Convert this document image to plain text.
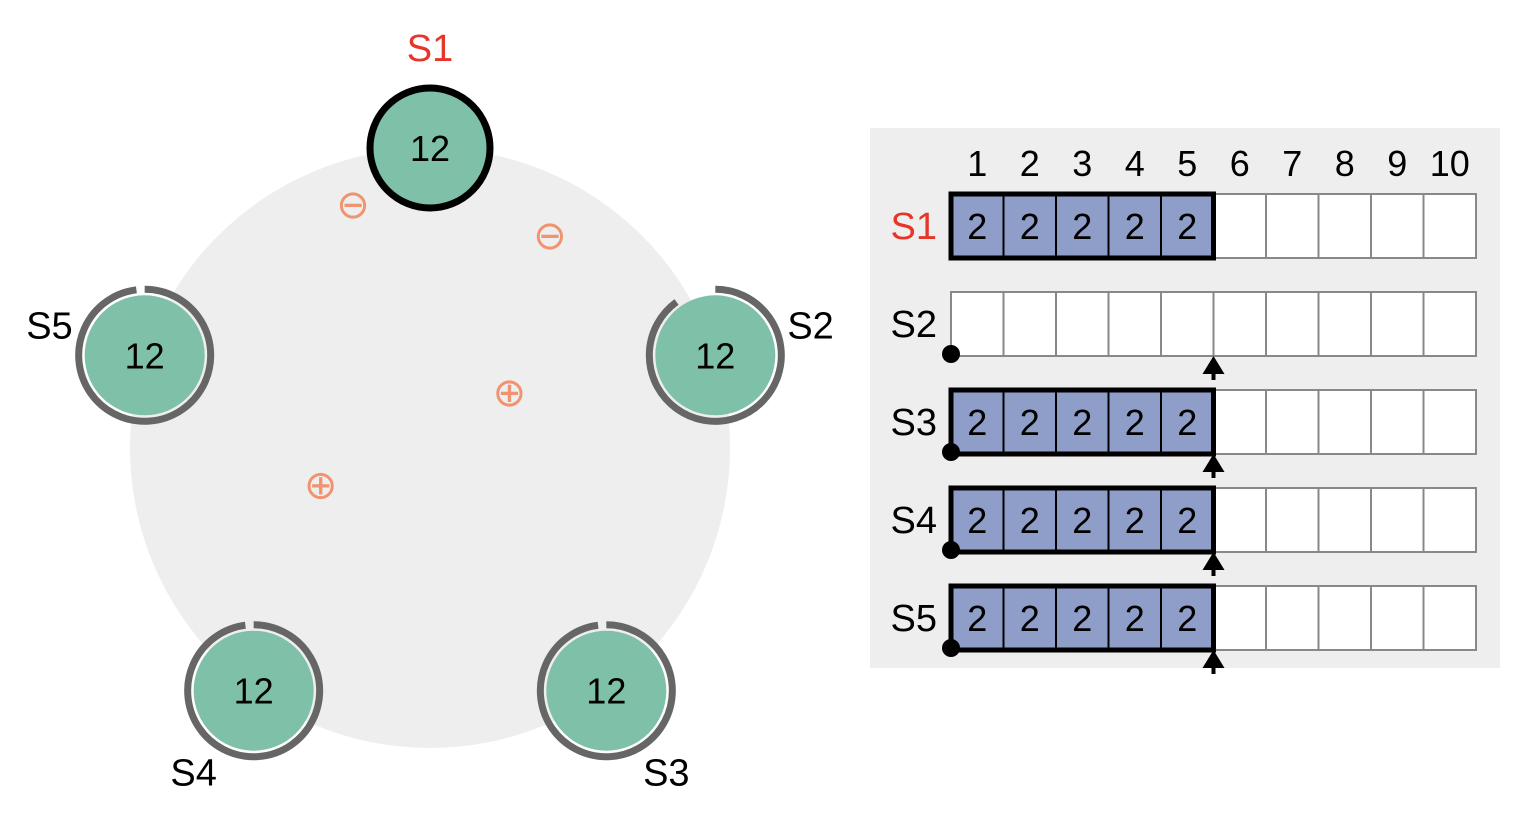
⊖
⊖
⊕
⊕
12
S1
12
S2
12
S3
12
S4
12
S5
1 2 3 4 5 6 7 8 9 10
S1 2 2 2 2 2
S2
S3 2 2 2 2 2
S4 2 2 2 2 2
S5 2 2 2 2 2
